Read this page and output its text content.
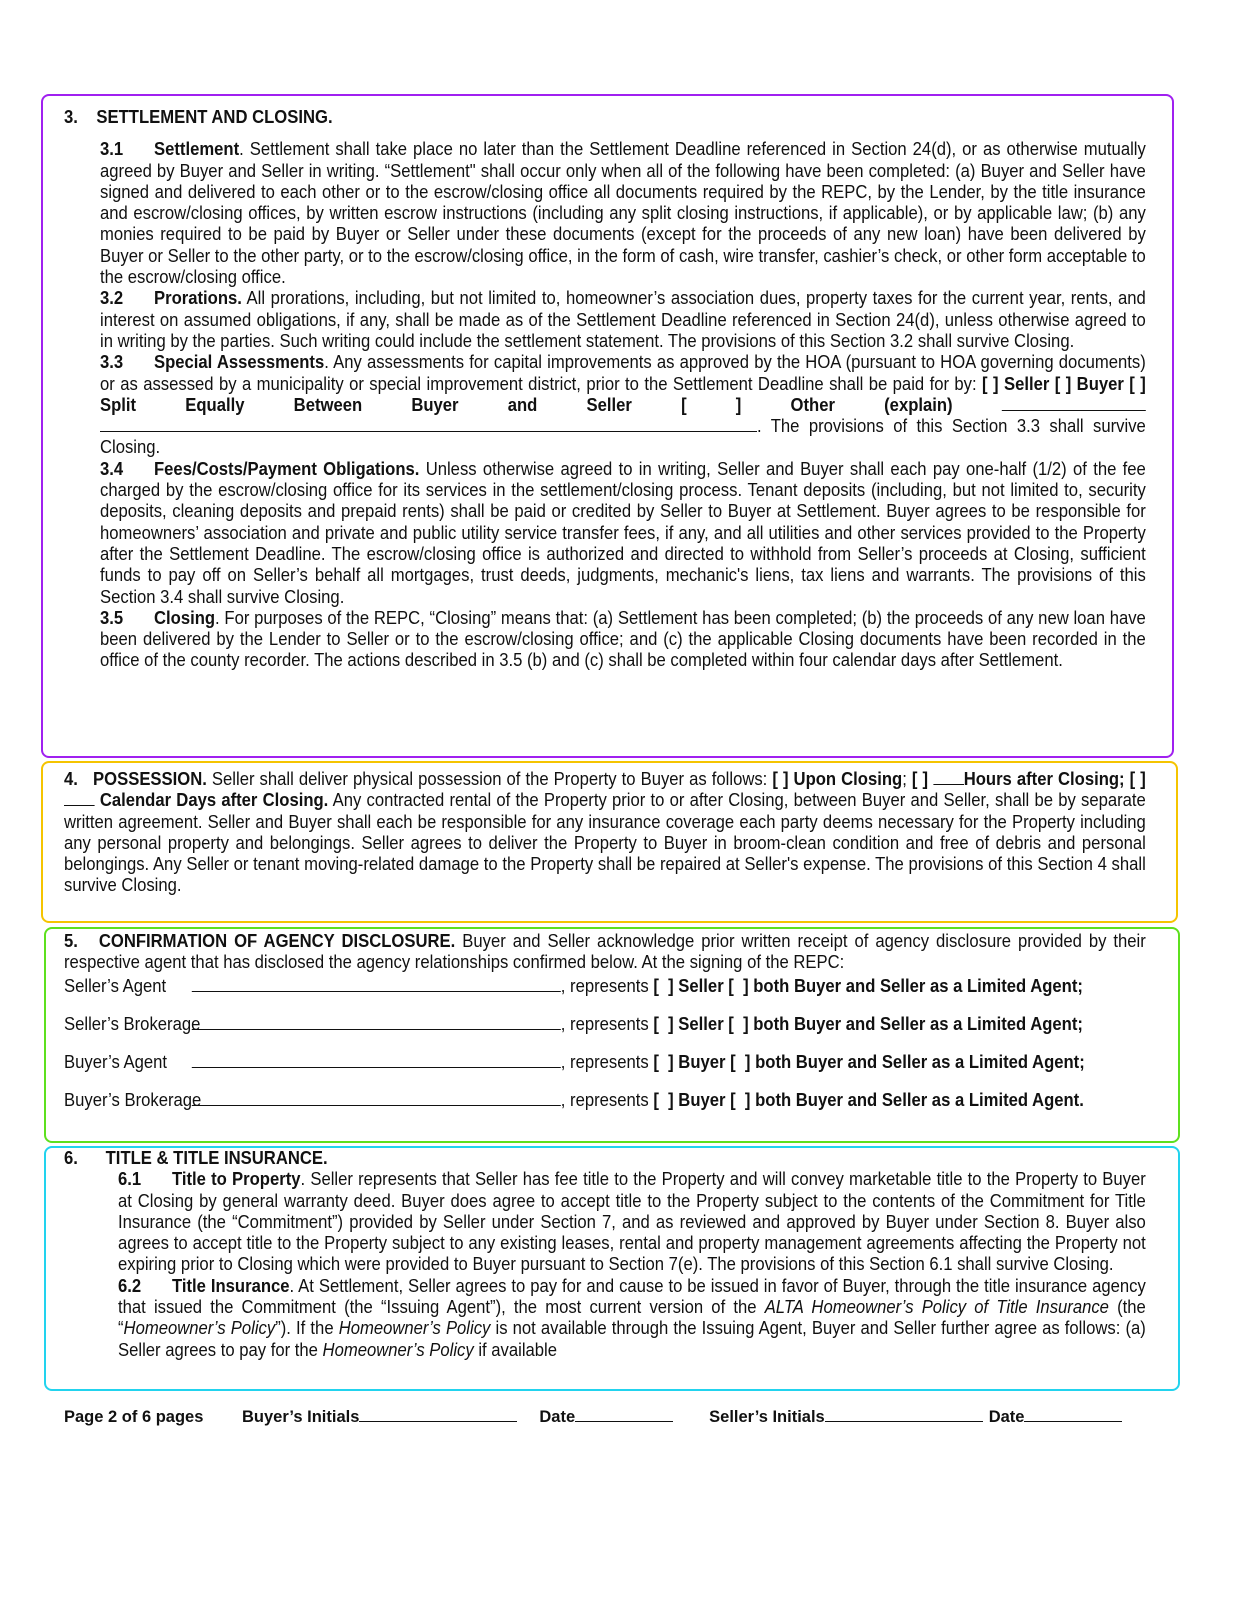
3.    SETTLEMENT AND CLOSING.

3.1 Settlement. Settlement shall take place no later than the Settlement Deadline referenced in Section 24(d), or as otherwise mutually agreed by Buyer and Seller in writing. “Settlement" shall occur only when all of the following have been completed: (a) Buyer and Seller have signed and delivered to each other or to the escrow/closing office all documents required by the REPC, by the Lender, by the title insurance and escrow/closing offices, by written escrow instructions (including any split closing instructions, if applicable), or by applicable law; (b) any monies required to be paid by Buyer or Seller under these documents (except for the proceeds of any new loan) have been delivered by Buyer or Seller to the other party, or to the escrow/closing office, in the form of cash, wire transfer, cashier’s check, or other form acceptable to the escrow/closing office.

3.2 Prorations. All prorations, including, but not limited to, homeowner’s association dues, property taxes for the current year, rents, and interest on assumed obligations, if any, shall be made as of the Settlement Deadline referenced in Section 24(d), unless otherwise agreed to in writing by the parties. Such writing could include the settlement statement. The provisions of this Section 3.2 shall survive Closing.

3.3 Special Assessments. Any assessments for capital improvements as approved by the HOA (pursuant to HOA governing documents) or as assessed by a municipality or special improvement district, prior to the Settlement Deadline shall be paid for by: [ ] Seller [ ] Buyer [ ] Split Equally Between Buyer and Seller [ ] Other (explain)  . The provisions of this Section 3.3 shall survive Closing.

3.4 Fees/Costs/Payment Obligations. Unless otherwise agreed to in writing, Seller and Buyer shall each pay one-half (1/2) of the fee charged by the escrow/closing office for its services in the settlement/closing process. Tenant deposits (including, but not limited to, security deposits, cleaning deposits and prepaid rents) shall be paid or credited by Seller to Buyer at Settlement. Buyer agrees to be responsible for homeowners’ association and private and public utility service transfer fees, if any, and all utilities and other services provided to the Property after the Settlement Deadline. The escrow/closing office is authorized and directed to withhold from Seller’s proceeds at Closing, sufficient funds to pay off on Seller’s behalf all mortgages, trust deeds, judgments, mechanic's liens, tax liens and warrants. The provisions of this Section 3.4 shall survive Closing.

3.5 Closing. For purposes of the REPC, “Closing” means that: (a) Settlement has been completed; (b) the proceeds of any new loan have been delivered by the Lender to Seller or to the escrow/closing office; and (c) the applicable Closing documents have been recorded in the office of the county recorder. The actions described in 3.5 (b) and (c) shall be completed within four calendar days after Settlement.

4.   POSSESSION. Seller shall deliver physical possession of the Property to Buyer as follows: [ ] Upon Closing; [ ] Hours after Closing; [ ]  Calendar Days after Closing. Any contracted rental of the Property prior to or after Closing, between Buyer and Seller, shall be by separate written agreement. Seller and Buyer shall each be responsible for any insurance coverage each party deems necessary for the Property including any personal property and belongings. Seller agrees to deliver the Property to Buyer in broom-clean condition and free of debris and personal belongings. Any Seller or tenant moving-related damage to the Property shall be repaired at Seller's expense. The provisions of this Section 4 shall survive Closing.

5.   CONFIRMATION OF AGENCY DISCLOSURE. Buyer and Seller acknowledge prior written receipt of agency disclosure provided by their respective agent that has disclosed the agency relationships confirmed below. At the signing of the REPC:

Seller’s Agent	, represents [  ] Seller [  ] both Buyer and Seller as a Limited Agent;
Seller’s Brokerage	, represents [  ] Seller [  ] both Buyer and Seller as a Limited Agent;
Buyer’s Agent	, represents [  ] Buyer [  ] both Buyer and Seller as a Limited Agent;
Buyer’s Brokerage	, represents [  ] Buyer [  ] both Buyer and Seller as a Limited Agent.

6.      TITLE & TITLE INSURANCE.

6.1 Title to Property. Seller represents that Seller has fee title to the Property and will convey marketable title to the Property to Buyer at Closing by general warranty deed. Buyer does agree to accept title to the Property subject to the contents of the Commitment for Title Insurance (the “Commitment”) provided by Seller under Section 7, and as reviewed and approved by Buyer under Section 8. Buyer also agrees to accept title to the Property subject to any existing leases, rental and property management agreements affecting the Property not expiring prior to Closing which were provided to Buyer pursuant to Section 7(e). The provisions of this Section 6.1 shall survive Closing.

6.2 Title Insurance. At Settlement, Seller agrees to pay for and cause to be issued in favor of Buyer, through the title insurance agency that issued the Commitment (the “Issuing Agent”), the most current version of the ALTA Homeowner’s Policy of Title Insurance (the “Homeowner’s Policy”). If the Homeowner’s Policy is not available through the Issuing Agent, Buyer and Seller further agree as follows: (a) Seller agrees to pay for the Homeowner’s Policy if available

Page 2 of 6 pages Buyer’s Initials	Date	Seller’s Initials	Date
